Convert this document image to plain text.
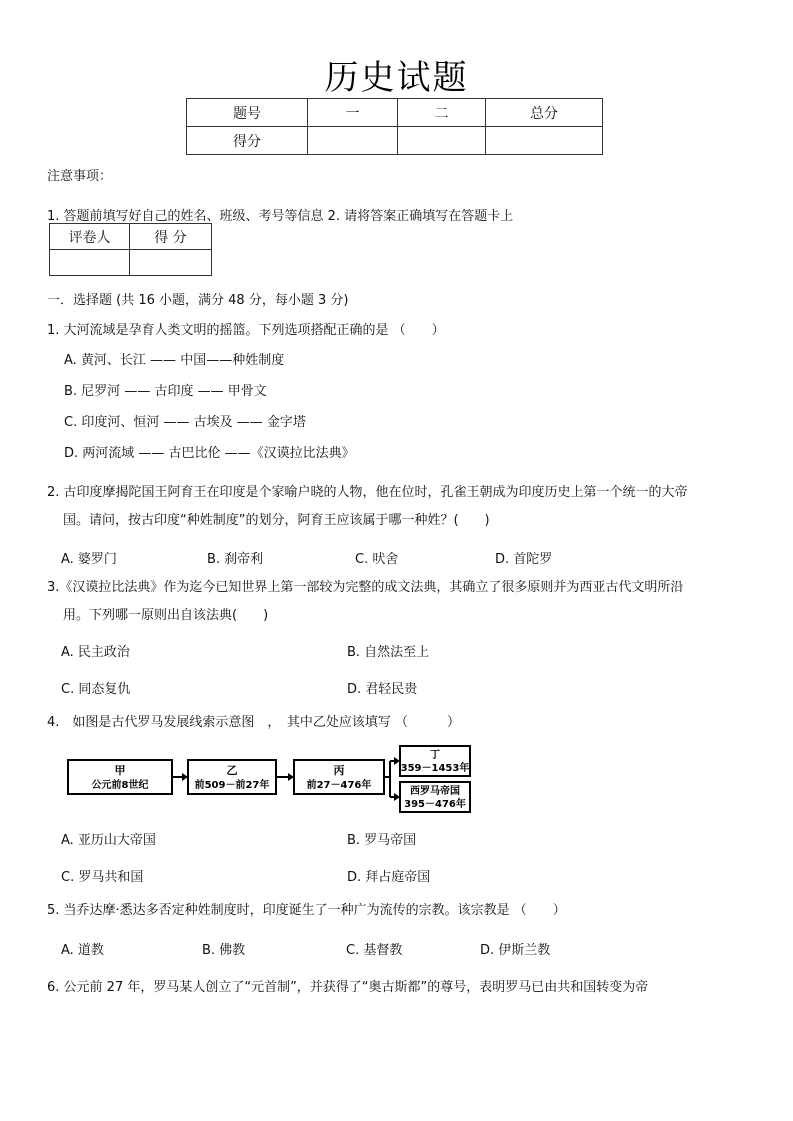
历史试题
题号	一	二	总分
得分			
注意事项：
1. 答题前填写好自己的姓名、班级、考号等信息 2. 请将答案正确填写在答题卡上
评卷人	得 分

一．选择题 (共 16 小题，满分 48 分，每小题 3 分)
1. 大河流域是孕育人类文明的摇篮。下列选项搭配正确的是 （　　）
A. 黄河、长江 —— 中国——种姓制度
B. 尼罗河 —— 古印度 —— 甲骨文
C. 印度河、恒河 —— 古埃及 —— 金字塔
D. 两河流域 —— 古巴比伦 ——《汉谟拉比法典》
2. 古印度摩揭陀国王阿育王在印度是个家喻户晓的人物，他在位时，孔雀王朝成为印度历史上第一个统一的大帝
国。请问，按古印度“种姓制度”的划分，阿育王应该属于哪一种姓？(　　)
A. 婆罗门	B. 刹帝利	C. 吠舍	D. 首陀罗
3.《汉谟拉比法典》作为迄今已知世界上第一部较为完整的成文法典，其确立了很多原则并为西亚古代文明所沿
用。下列哪一原则出自该法典(　　)
A. 民主政治	B. 自然法至上
C. 同态复仇	D. 君轻民贵
4.　如图是古代罗马发展线索示意图　，　其中乙处应该填写 （　　　）
甲
公元前8世纪
乙
前509－前27年
丙
前27－476年
丁
359－1453年
西罗马帝国
395－476年
A. 亚历山大帝国	B. 罗马帝国
C. 罗马共和国	D. 拜占庭帝国
5. 当乔达摩·悉达多否定种姓制度时，印度诞生了一种广为流传的宗教。该宗教是 （　　）
A. 道教	B. 佛教	C. 基督教	D. 伊斯兰教
6. 公元前 27 年，罗马某人创立了“元首制”，并获得了“奥古斯都”的尊号，表明罗马已由共和国转变为帝
